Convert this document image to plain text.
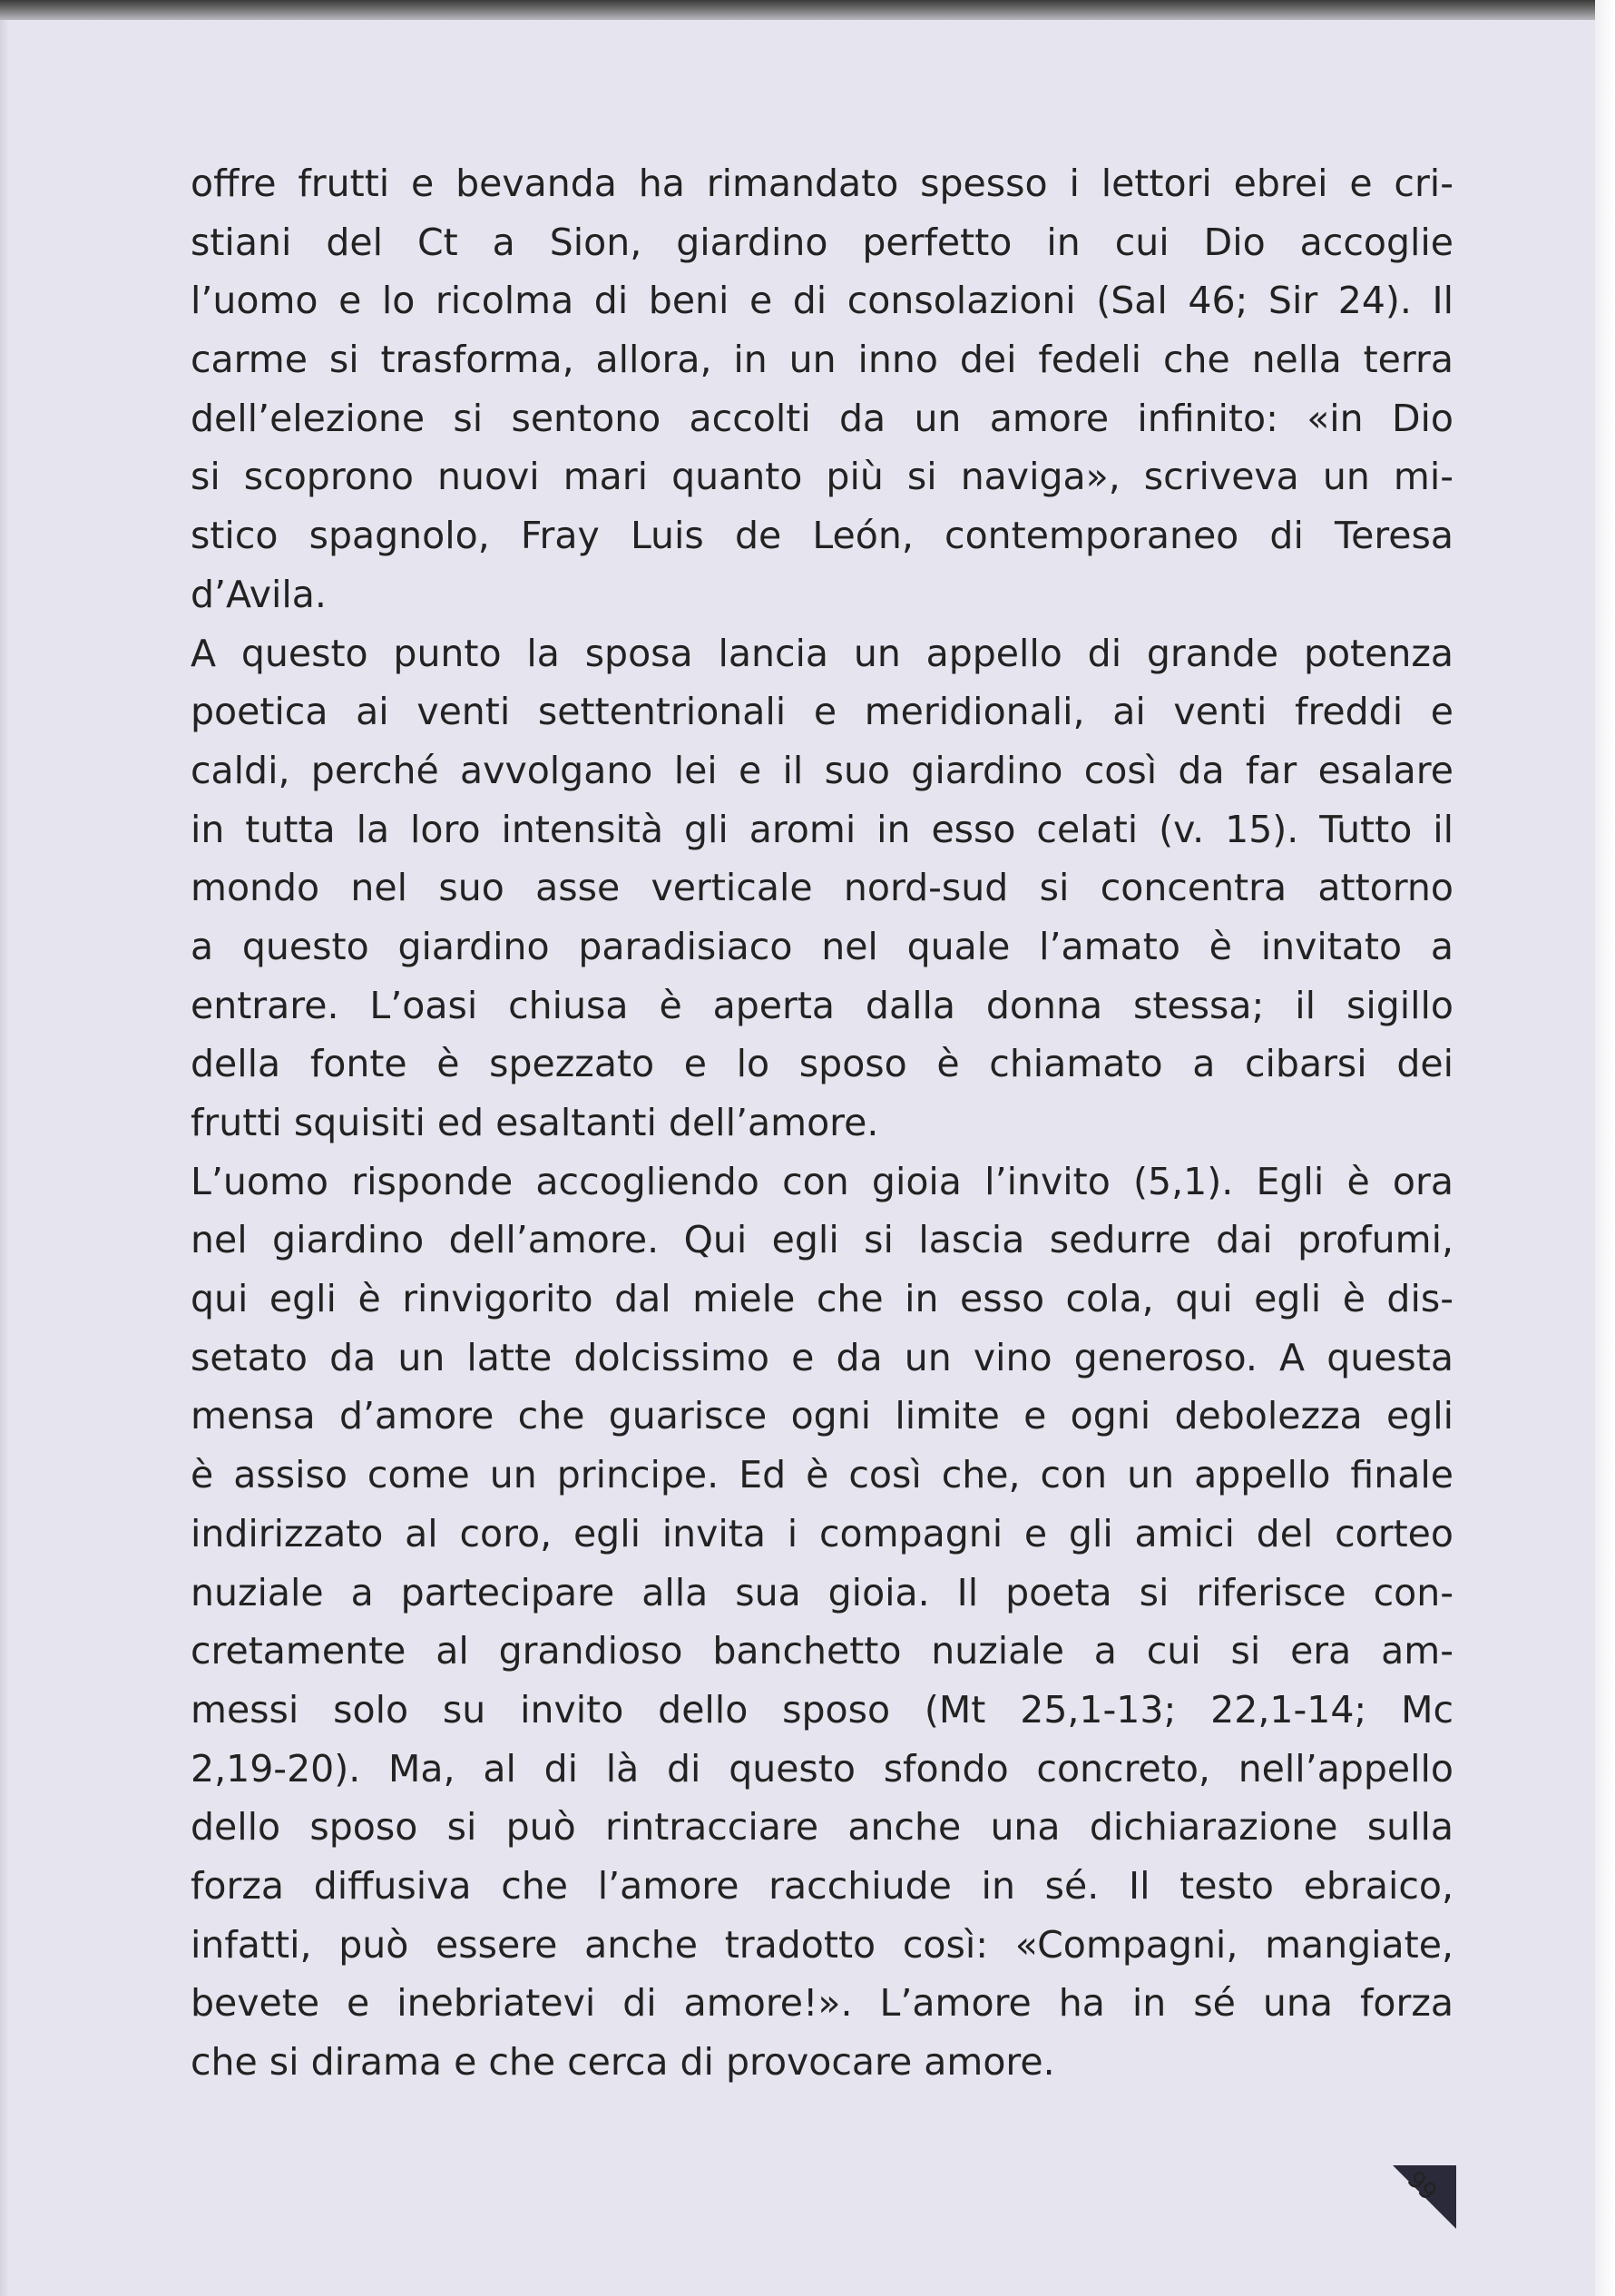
offre frutti e bevanda ha rimandato spesso i lettori ebrei e cri-
stiani del Ct a Sion, giardino perfetto in cui Dio accoglie
l’uomo e lo ricolma di beni e di consolazioni (Sal 46; Sir 24). Il
carme si trasforma, allora, in un inno dei fedeli che nella terra
dell’elezione si sentono accolti da un amore infinito: «in Dio
si scoprono nuovi mari quanto più si naviga», scriveva un mi-
stico spagnolo, Fray Luis de León, contemporaneo di Teresa
d’Avila.
A questo punto la sposa lancia un appello di grande potenza
poetica ai venti settentrionali e meridionali, ai venti freddi e
caldi, perché avvolgano lei e il suo giardino così da far esalare
in tutta la loro intensità gli aromi in esso celati (v. 15). Tutto il
mondo nel suo asse verticale nord-sud si concentra attorno
a questo giardino paradisiaco nel quale l’amato è invitato a
entrare. L’oasi chiusa è aperta dalla donna stessa; il sigillo
della fonte è spezzato e lo sposo è chiamato a cibarsi dei
frutti squisiti ed esaltanti dell’amore.
L’uomo risponde accogliendo con gioia l’invito (5,1). Egli è ora
nel giardino dell’amore. Qui egli si lascia sedurre dai profumi,
qui egli è rinvigorito dal miele che in esso cola, qui egli è dis-
setato da un latte dolcissimo e da un vino generoso. A questa
mensa d’amore che guarisce ogni limite e ogni debolezza egli
è assiso come un principe. Ed è così che, con un appello finale
indirizzato al coro, egli invita i compagni e gli amici del corteo
nuziale a partecipare alla sua gioia. Il poeta si riferisce con-
cretamente al grandioso banchetto nuziale a cui si era am-
messi solo su invito dello sposo (Mt 25,1-13; 22,1-14; Mc
2,19-20). Ma, al di là di questo sfondo concreto, nell’appello
dello sposo si può rintracciare anche una dichiarazione sulla
forza diffusiva che l’amore racchiude in sé. Il testo ebraico,
infatti, può essere anche tradotto così: «Compagni, mangiate,
bevete e inebriatevi di amore!». L’amore ha in sé una forza
che si dirama e che cerca di provocare amore.
99
